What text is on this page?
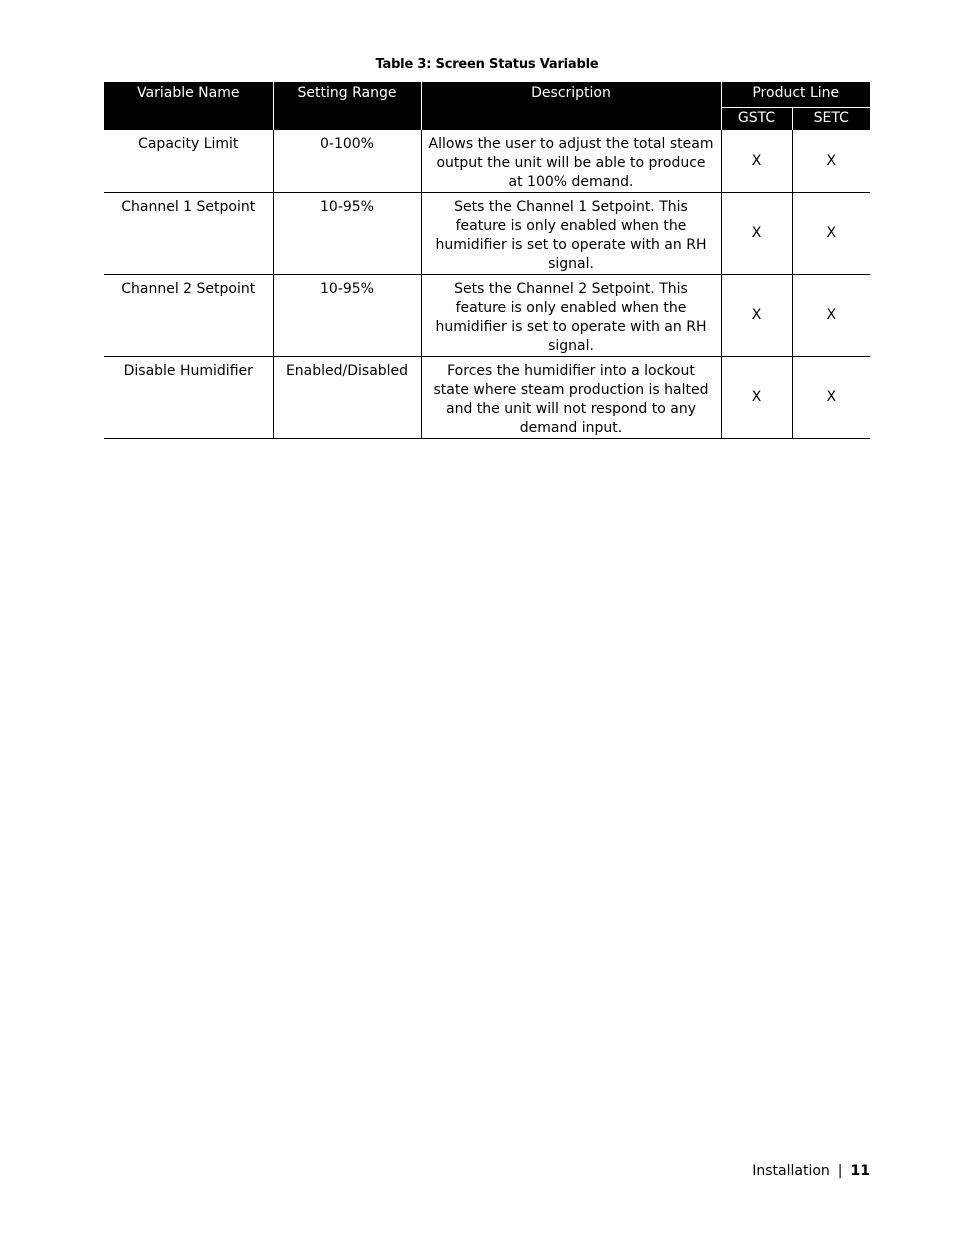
Table 3: Screen Status Variable
Variable Name	Setting Range	Description	Product Line	
			GSTC	SETC
Capacity Limit	0-100%	Allows the user to adjust the total steam output the unit will be able to produce at 100% demand.	X	X
Channel 1 Setpoint	10-95%	Sets the Channel 1 Setpoint. This feature is only enabled when the humidifier is set to operate with an RH signal.	X	X
Channel 2 Setpoint	10-95%	Sets the Channel 2 Setpoint. This feature is only enabled when the humidifier is set to operate with an RH signal.	X	X
Disable Humidifier	Enabled/Disabled	Forces the humidifier into a lockout state where steam production is halted and the unit will not respond to any demand input.	X	X
Installation | 11
